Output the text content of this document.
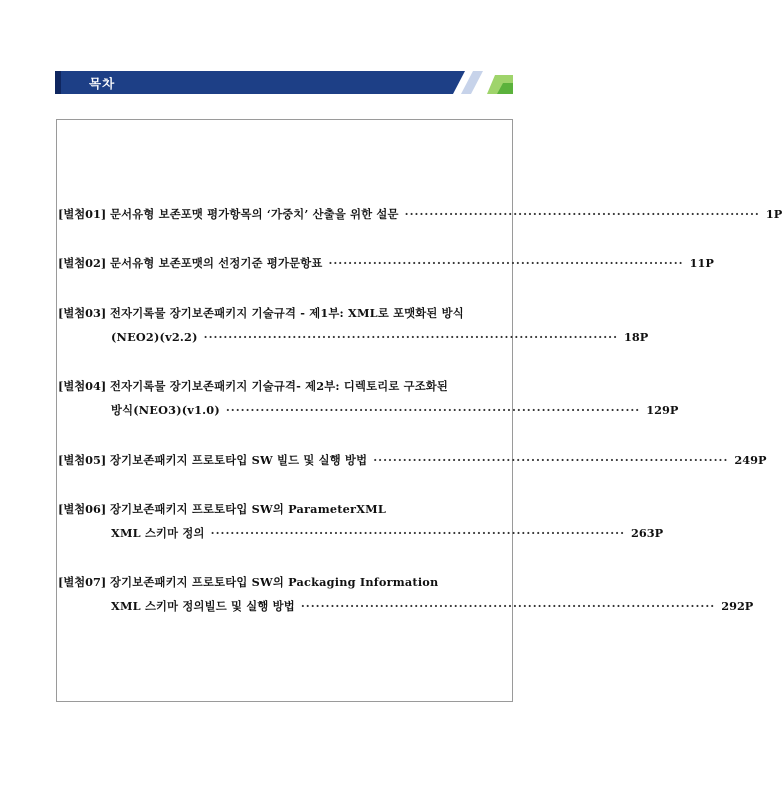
목차
[별첨01] 문서유형 보존포맷 평가항목의 ‘가중치’ 산출을 위한 설문 ········································································ 1P
[별첨02] 문서유형 보존포맷의 선정기준 평가문항표 ········································································ 11P
[별첨03] 전자기록물 장기보존패키지 기술규격 - 제1부: XML로 포맷화된 방식
(NEO2)(v2.2) ···················································································· 18P
[별첨04] 전자기록물 장기보존패키지 기술규격- 제2부: 디렉토리로 구조화된
방식(NEO3)(v1.0) ···················································································· 129P
[별첨05] 장기보존패키지 프로토타입 SW 빌드 및 실행 방법 ········································································ 249P
[별첨06] 장기보존패키지 프로토타입 SW의 ParameterXML
XML 스키마 정의 ···················································································· 263P
[별첨07] 장기보존패키지 프로토타입 SW의 Packaging Information
XML 스키마 정의빌드 및 실행 방법 ···················································································· 292P
